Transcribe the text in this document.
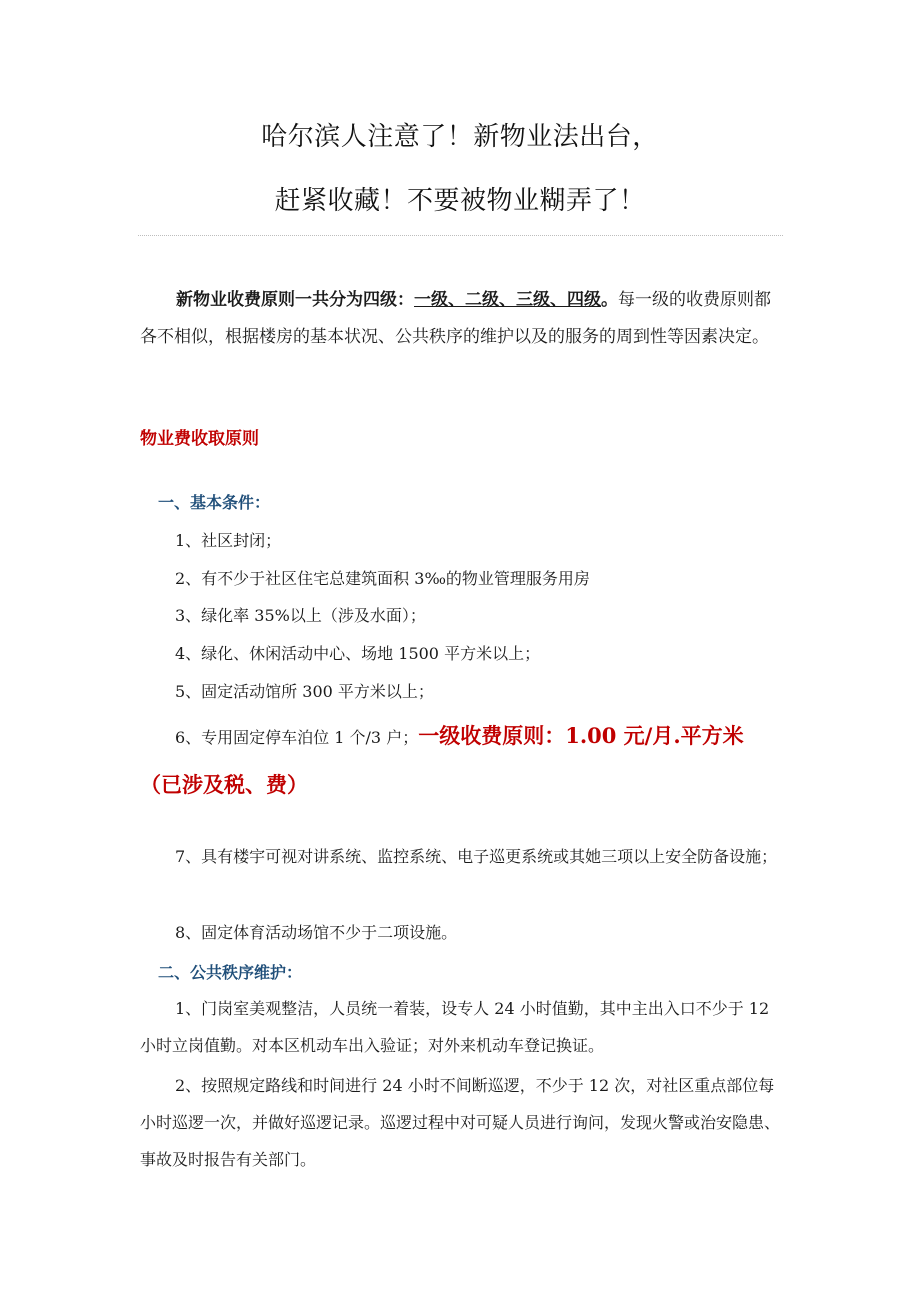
哈尔滨人注意了！新物业法出台，
赶紧收藏！不要被物业糊弄了！
新物业收费原则一共分为四级：一级、二级、三级、四级。每一级的收费原则都各不相似，根据楼房的基本状况、公共秩序的维护以及的服务的周到性等因素决定。
物业费收取原则
一、基本条件：
1、社区封闭；
2、有不少于社区住宅总建筑面积 3‰的物业管理服务用房
3、绿化率 35%以上（涉及水面）；
4、绿化、休闲活动中心、场地 1500 平方米以上；
5、固定活动馆所 300 平方米以上；
6、专用固定停车泊位 1 个/3 户；一级收费原则：1.00 元/月.平方米
（已涉及税、费）
7、具有楼宇可视对讲系统、监控系统、电子巡更系统或其她三项以上安全防备设施；
8、固定体育活动场馆不少于二项设施。
二、公共秩序维护：
1、门岗室美观整洁，人员统一着装，设专人 24 小时值勤，其中主出入口不少于 12 小时立岗值勤。对本区机动车出入验证；对外来机动车登记换证。
2、按照规定路线和时间进行 24 小时不间断巡逻，不少于 12 次，对社区重点部位每小时巡逻一次，并做好巡逻记录。巡逻过程中对可疑人员进行询问，发现火警或治安隐患、事故及时报告有关部门。
